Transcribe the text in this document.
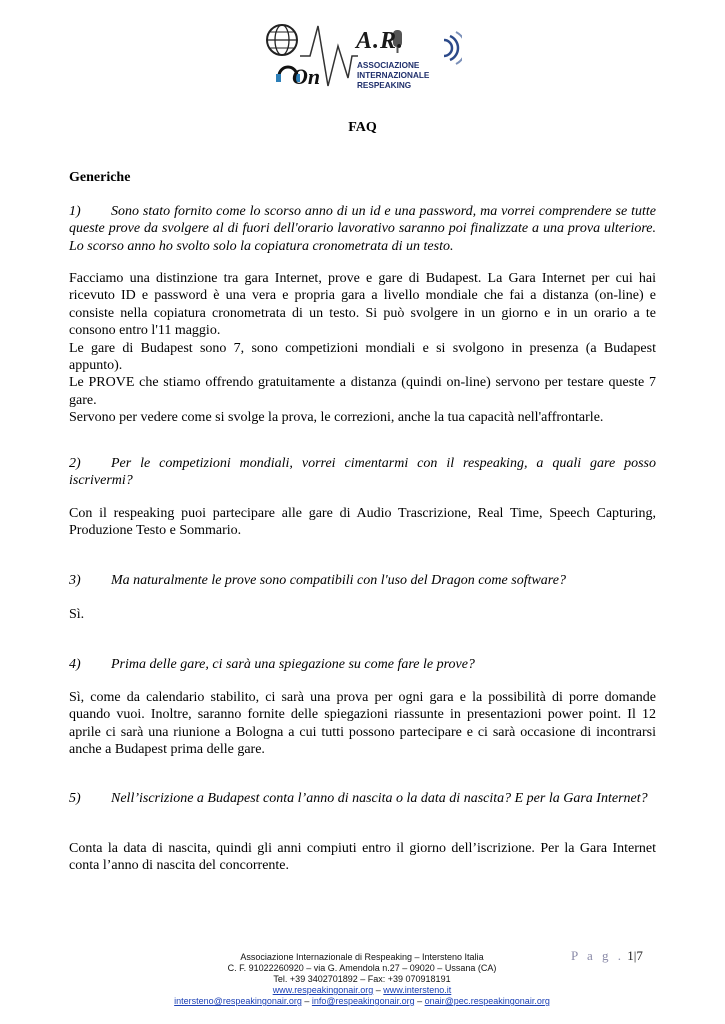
A.R.
On	ASSOCIAZIONE
INTERNAZIONALE
RESPEAKING
FAQ
Generiche
1) Sono stato fornito come lo scorso anno di un id e una password, ma vorrei comprendere se tutte queste prove da svolgere al di fuori dell'orario lavorativo saranno poi finalizzate a una prova ulteriore. Lo scorso anno ho svolto solo la copiatura cronometrata di un testo.

Facciamo una distinzione tra gara Internet, prove e gare di Budapest. La Gara Internet per cui hai ricevuto ID e password è una vera e propria gara a livello mondiale che fai a distanza (on-line) e consiste nella copiatura cronometrata di un testo. Si può svolgere in un giorno e in un orario a te consono entro l'11 maggio.

Le gare di Budapest sono 7, sono competizioni mondiali e si svolgono in presenza (a Budapest appunto).

Le PROVE che stiamo offrendo gratuitamente a distanza (quindi on-line) servono per testare queste 7 gare.

Servono per vedere come si svolge la prova, le correzioni, anche la tua capacità nell'affrontarle.

2) Per le competizioni mondiali, vorrei cimentarmi con il respeaking, a quali gare posso iscrivermi?

Con il respeaking puoi partecipare alle gare di Audio Trascrizione, Real Time, Speech Capturing, Produzione Testo e Sommario.

3) Ma naturalmente le prove sono compatibili con l'uso del Dragon come software?

Sì.

4) Prima delle gare, ci sarà una spiegazione su come fare le prove?

Sì, come da calendario stabilito, ci sarà una prova per ogni gara e la possibilità di porre domande quando vuoi. Inoltre, saranno fornite delle spiegazioni riassunte in presentazioni power point. Il 12 aprile ci sarà una riunione a Bologna a cui tutti possono partecipare e ci sarà occasione di incontrarsi anche a Budapest prima delle gare.

5) Nell’iscrizione a Budapest conta l’anno di nascita o la data di nascita? E per la Gara Internet?

Conta la data di nascita, quindi gli anni compiuti entro il giorno dell’iscrizione. Per la Gara Internet conta l’anno di nascita del concorrente.

P a g . 1|7
Associazione Internazionale di Respeaking – Intersteno Italia
C. F. 91022260920 – via G. Amendola n.27 – 09020 – Ussana (CA)
Tel. +39 3402701892 – Fax: +39 070918191
www.respeakingonair.org – www.intersteno.it
intersteno@respeakingonair.org – info@respeakingonair.org – onair@pec.respeakingonair.org
